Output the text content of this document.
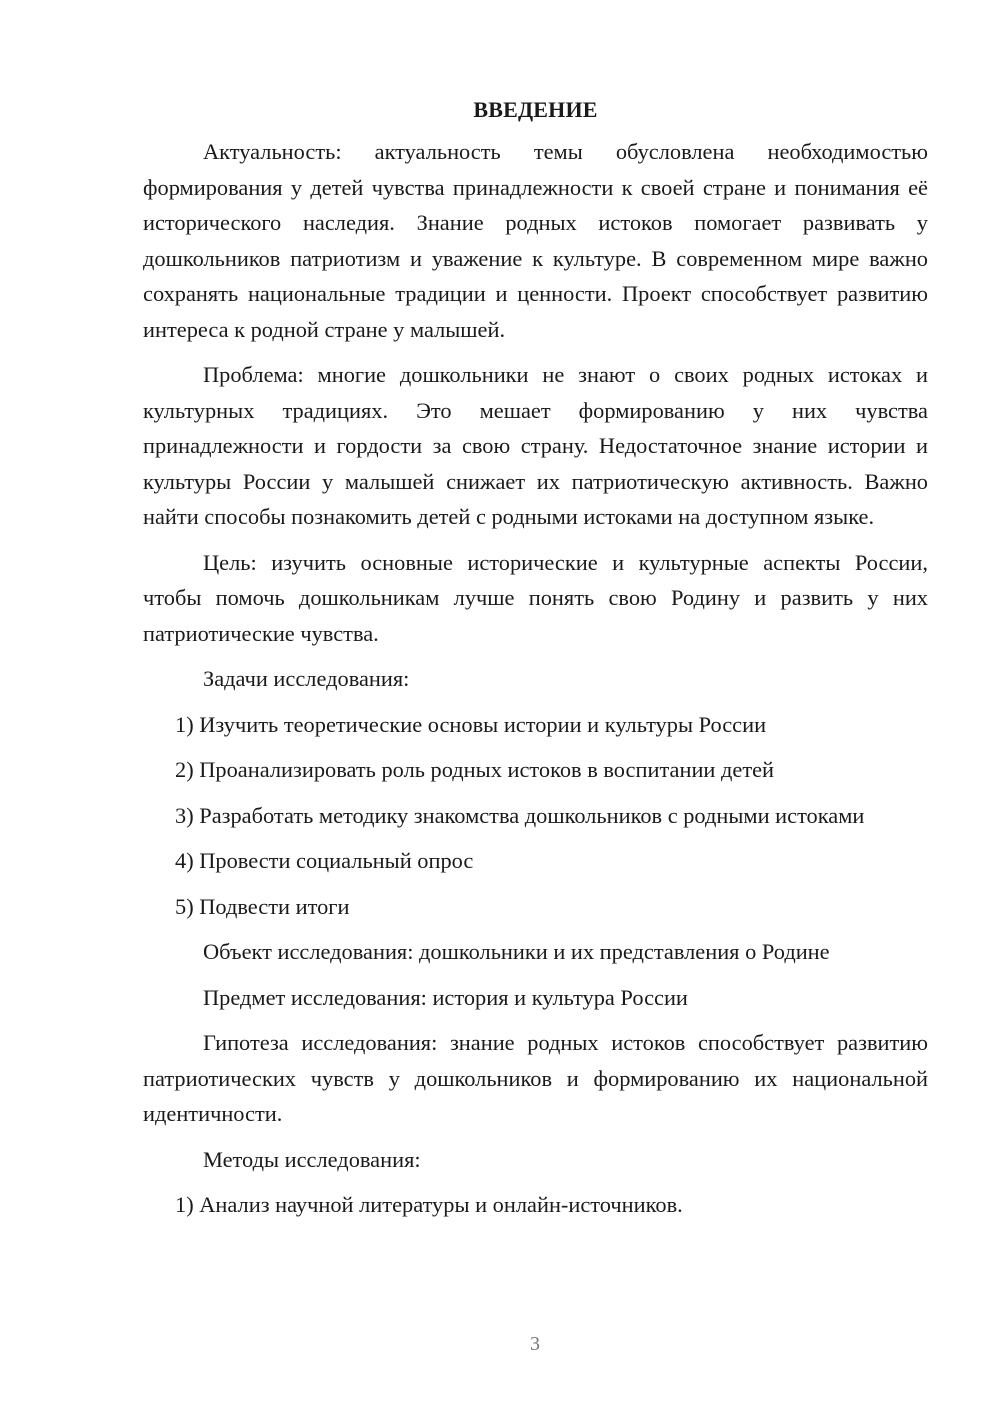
ВВЕДЕНИЕ

Актуальность: актуальность темы обусловлена необходимостью формирования у детей чувства принадлежности к своей стране и понимания её исторического наследия. Знание родных истоков помогает развивать у дошкольников патриотизм и уважение к культуре. В современном мире важно сохранять национальные традиции и ценности. Проект способствует развитию интереса к родной стране у малышей.

Проблема: многие дошкольники не знают о своих родных истоках и культурных традициях. Это мешает формированию у них чувства принадлежности и гордости за свою страну. Недостаточное знание истории и культуры России у малышей снижает их патриотическую активность. Важно найти способы познакомить детей с родными истоками на доступном языке.

Цель: изучить основные исторические и культурные аспекты России, чтобы помочь дошкольникам лучше понять свою Родину и развить у них патриотические чувства.

Задачи исследования:

1) Изучить теоретические основы истории и культуры России

2) Проанализировать роль родных истоков в воспитании детей

3) Разработать методику знакомства дошкольников с родными истоками

4) Провести социальный опрос

5) Подвести итоги

Объект исследования: дошкольники и их представления о Родине

Предмет исследования: история и культура России

Гипотеза исследования: знание родных истоков способствует развитию патриотических чувств у дошкольников и формированию их национальной идентичности.

Методы исследования:

1) Анализ научной литературы и онлайн-источников.

3
